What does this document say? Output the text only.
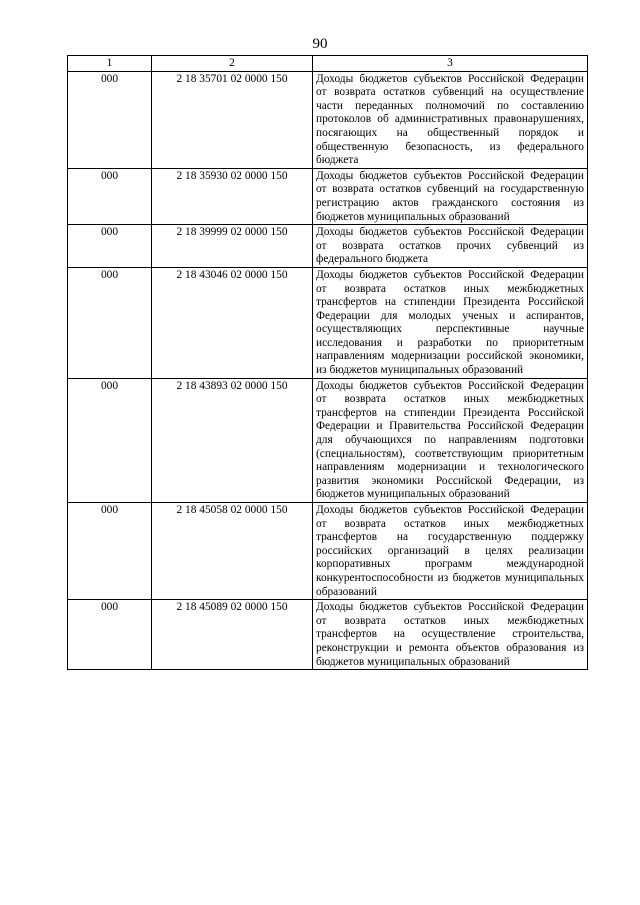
90
1	2	3
000	2 18 35701 02 0000 150	Доходы бюджетов субъектов Российской Федерации от возврата остатков субвенций на осуществление части переданных полномочий по составлению протоколов об административных правонарушениях, посягающих на общественный порядок и общественную безопасность, из федерального бюджета
000	2 18 35930 02 0000 150	Доходы бюджетов субъектов Российской Федерации от возврата остатков субвенций на государственную регистрацию актов гражданского состояния из бюджетов муниципальных образований
000	2 18 39999 02 0000 150	Доходы бюджетов субъектов Российской Федерации от возврата остатков прочих субвенций из федерального бюджета
000	2 18 43046 02 0000 150	Доходы бюджетов субъектов Российской Федерации от возврата остатков иных межбюджетных трансфертов на стипендии Президента Российской Федерации для молодых ученых и аспирантов, осуществляющих перспективные научные исследования и разработки по приоритетным направлениям модернизации российской экономики, из бюджетов муниципальных образований
000	2 18 43893 02 0000 150	Доходы бюджетов субъектов Российской Федерации от возврата остатков иных межбюджетных трансфертов на стипендии Президента Российской Федерации и Правительства Российской Федерации для обучающихся по направлениям подготовки (специальностям), соответствующим приоритетным направлениям модернизации и технологического развития экономики Российской Федерации, из бюджетов муниципальных образований
000	2 18 45058 02 0000 150	Доходы бюджетов субъектов Российской Федерации от возврата остатков иных межбюджетных трансфертов на государственную поддержку российских организаций в целях реализации корпоративных программ международной конкурентоспособности из бюджетов муниципальных образований
000	2 18 45089 02 0000 150	Доходы бюджетов субъектов Российской Федерации от возврата остатков иных межбюджетных трансфертов на осуществление строительства, реконструкции и ремонта объектов образования из бюджетов муниципальных образований
